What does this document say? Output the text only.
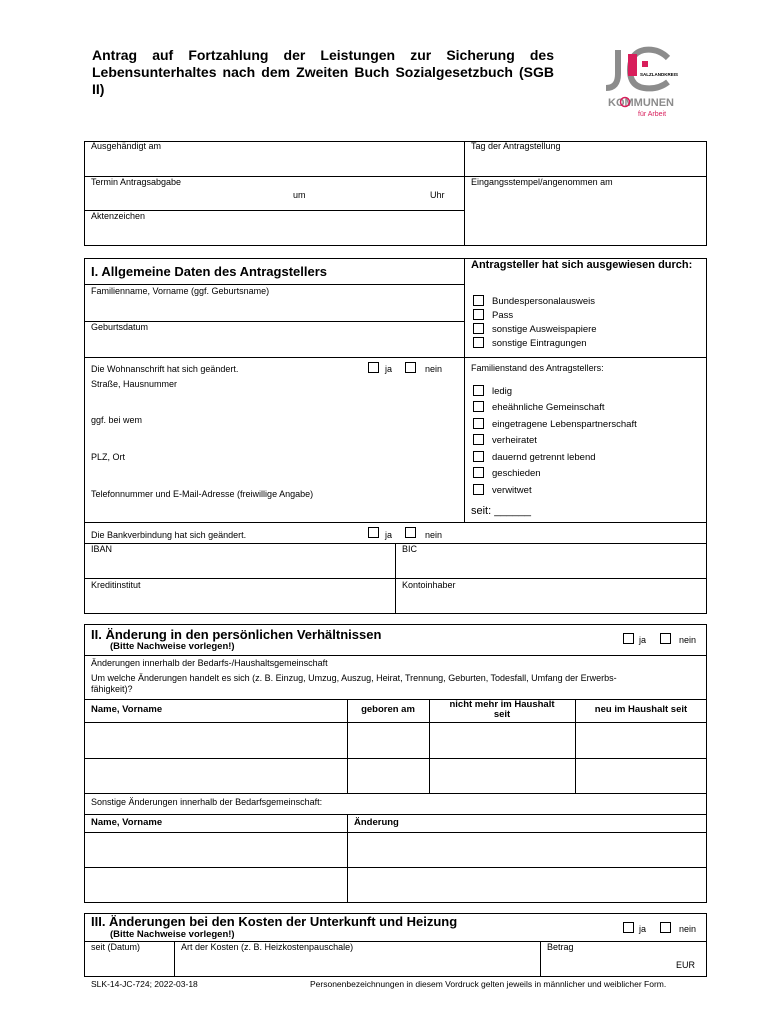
Antrag auf Fortzahlung der Leistungen zur Sicherung des Lebensunterhaltes nach dem Zweiten Buch Sozialgesetzbuch (SGB II)
SALZLANDKREIS
KOMMUNEN
für Arbeit
Ausgehändigt am	Tag der Antragstellung
Termin Antragsabgabe
um	Uhr
Eingangsstempel/angenommen am
Aktenzeichen
I. Allgemeine Daten des Antragstellers
Familienname, Vorname (ggf. Geburtsname)
Geburtsdatum
Antragsteller hat sich ausgewiesen durch:
Bundespersonalausweis
Pass
sonstige Ausweispapiere
sonstige Eintragungen
Die Wohnanschrift hat sich geändert.	ja	nein
Straße, Hausnummer
ggf. bei wem
PLZ, Ort
Telefonnummer und E-Mail-Adresse (freiwillige Angabe)
Familienstand des Antragstellers:
ledig
eheähnliche Gemeinschaft
eingetragene Lebenspartnerschaft
verheiratet
dauernd getrennt lebend
geschieden
verwitwet
seit: ______
Die Bankverbindung hat sich geändert.	ja	nein
IBAN	BIC
Kreditinstitut	Kontoinhaber
II. Änderung in den persönlichen Verhältnissen
(Bitte Nachweise vorlegen!)
ja	nein
Änderungen innerhalb der Bedarfs-/Haushaltsgemeinschaft
Um welche Änderungen handelt es sich (z. B. Einzug, Umzug, Auszug, Heirat, Trennung, Geburten, Todesfall, Umfang der Erwerbs-
fähigkeit)?
Name, Vorname	geboren am	nicht mehr im Haushalt seit	neu im Haushalt seit
Sonstige Änderungen innerhalb der Bedarfsgemeinschaft:
Name, Vorname	Änderung
III. Änderungen bei den Kosten der Unterkunft und Heizung
(Bitte Nachweise vorlegen!)	ja	nein
seit (Datum)	Art der Kosten (z. B. Heizkostenpauschale)	Betrag
EUR
SLK-14-JC-724; 2022-03-18	Personenbezeichnungen in diesem Vordruck gelten jeweils in männlicher und weiblicher Form.
